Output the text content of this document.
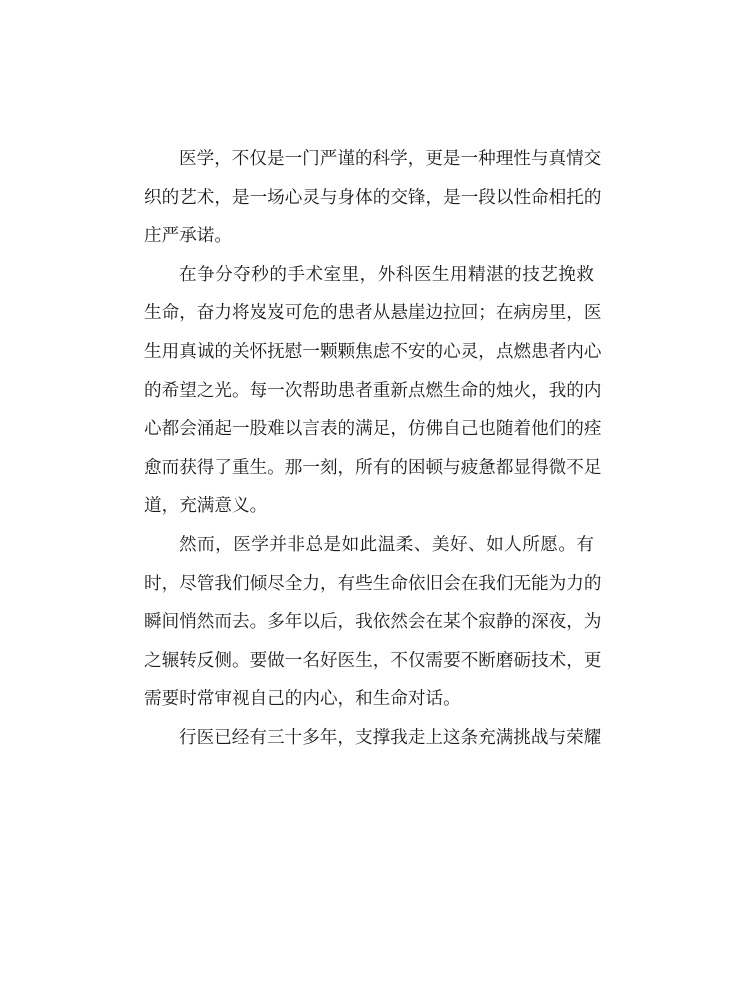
医学，不仅是一门严谨的科学，更是一种理性与真情交
织的艺术，是一场心灵与身体的交锋，是一段以性命相托的
庄严承诺。
在争分夺秒的手术室里，外科医生用精湛的技艺挽救
生命，奋力将岌岌可危的患者从悬崖边拉回；在病房里，医
生用真诚的关怀抚慰一颗颗焦虑不安的心灵，点燃患者内心
的希望之光。每一次帮助患者重新点燃生命的烛火，我的内
心都会涌起一股难以言表的满足，仿佛自己也随着他们的痊
愈而获得了重生。那一刻，所有的困顿与疲惫都显得微不足
道，充满意义。
然而，医学并非总是如此温柔、美好、如人所愿。有
时，尽管我们倾尽全力，有些生命依旧会在我们无能为力的
瞬间悄然而去。多年以后，我依然会在某个寂静的深夜，为
之辗转反侧。要做一名好医生，不仅需要不断磨砺技术，更
需要时常审视自己的内心，和生命对话。
行医已经有三十多年，支撑我走上这条充满挑战与荣耀
